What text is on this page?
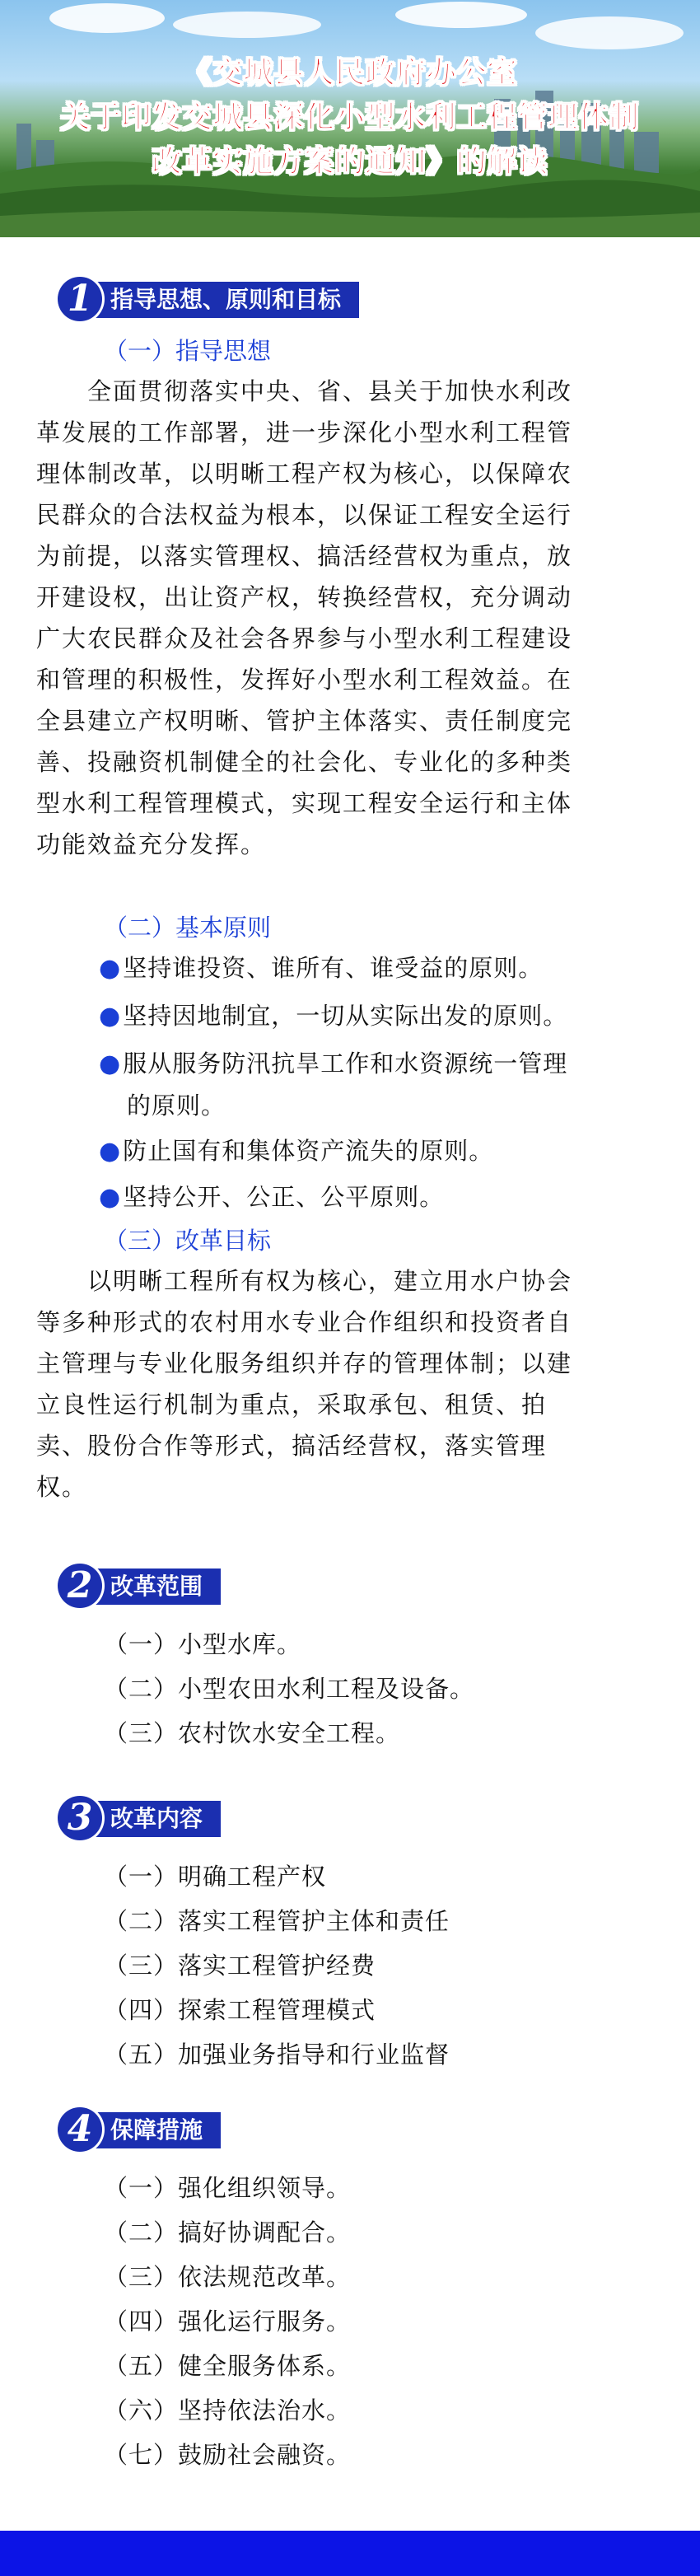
《交城县人民政府办公室
关于印发交城县深化小型水利工程管理体制
改革实施方案的通知》的解读
1 指导思想、原则和目标
（一）指导思想
　　全面贯彻落实中央、省、县关于加快水利改
革发展的工作部署，进一步深化小型水利工程管
理体制改革，以明晰工程产权为核心，以保障农
民群众的合法权益为根本，以保证工程安全运行
为前提，以落实管理权、搞活经营权为重点，放
开建设权，出让资产权，转换经营权，充分调动
广大农民群众及社会各界参与小型水利工程建设
和管理的积极性，发挥好小型水利工程效益。在
全县建立产权明晰、管护主体落实、责任制度完
善、投融资机制健全的社会化、专业化的多种类
型水利工程管理模式，实现工程安全运行和主体
功能效益充分发挥。
（二）基本原则
●坚持谁投资、谁所有、谁受益的原则。
●坚持因地制宜，一切从实际出发的原则。
●服从服务防汛抗旱工作和水资源统一管理
的原则。
●防止国有和集体资产流失的原则。
●坚持公开、公正、公平原则。
（三）改革目标
　　以明晰工程所有权为核心，建立用水户协会
等多种形式的农村用水专业合作组织和投资者自
主管理与专业化服务组织并存的管理体制；以建
立良性运行机制为重点，采取承包、租赁、拍
卖、股份合作等形式，搞活经营权，落实管理
权。
2 改革范围
（一）小型水库。
（二）小型农田水利工程及设备。
（三）农村饮水安全工程。
3 改革内容
（一）明确工程产权
（二）落实工程管护主体和责任
（三）落实工程管护经费
（四）探索工程管理模式
（五）加强业务指导和行业监督
4 保障措施
（一）强化组织领导。
（二）搞好协调配合。
（三）依法规范改革。
（四）强化运行服务。
（五）健全服务体系。
（六）坚持依法治水。
（七）鼓励社会融资。
